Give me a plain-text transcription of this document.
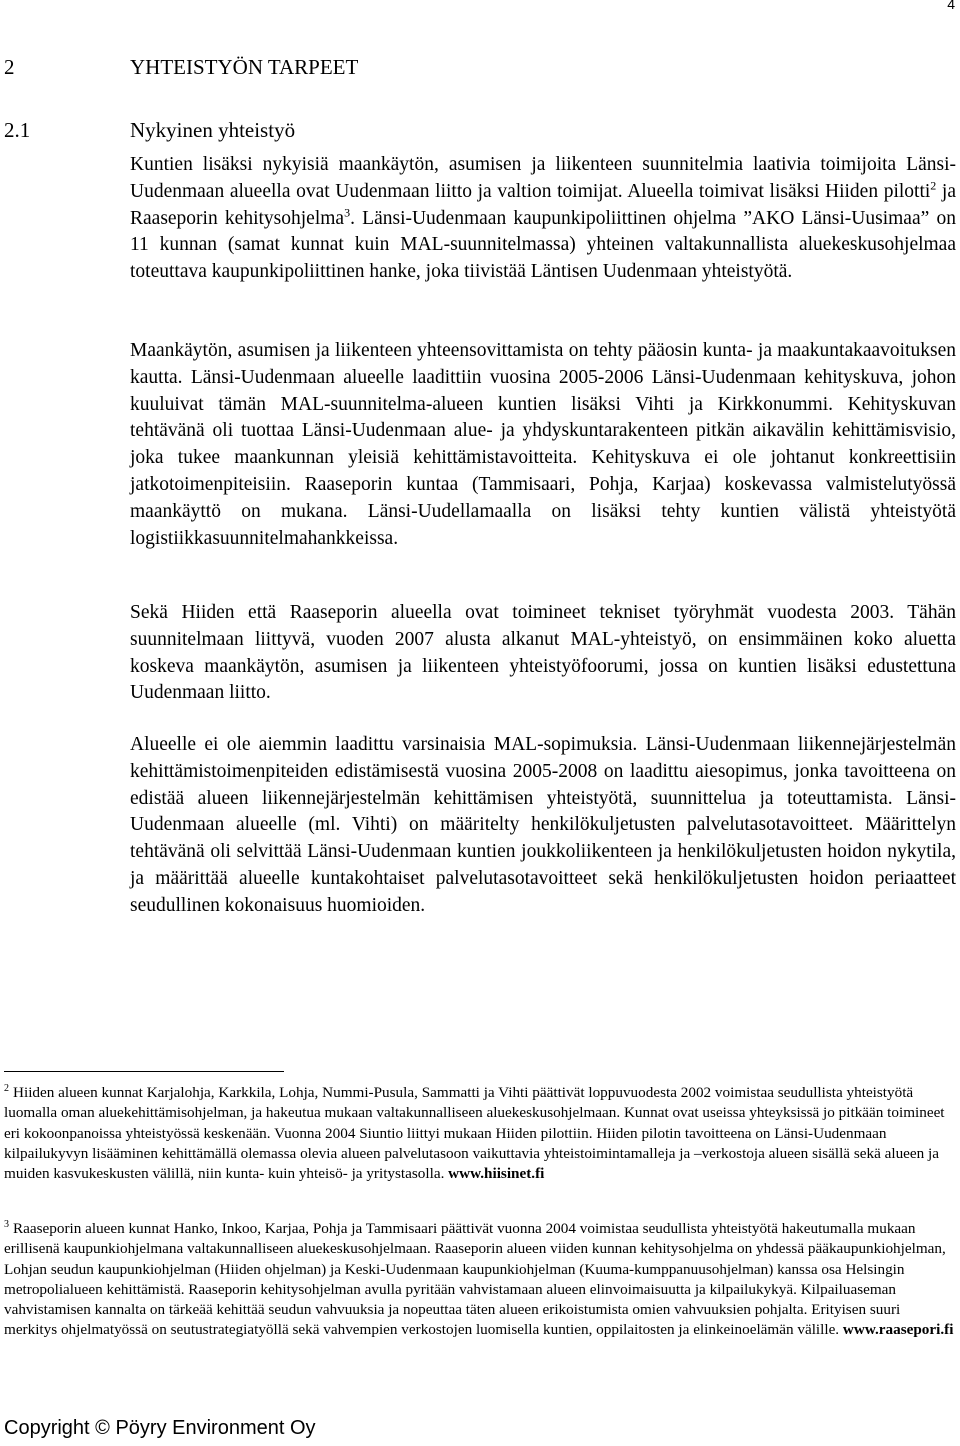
4
2	YHTEISTYÖN TARPEET
2.1	Nykyinen yhteistyö

Kuntien lisäksi nykyisiä maankäytön, asumisen ja liikenteen suunnitelmia laativia toimijoita Länsi-Uudenmaan alueella ovat Uudenmaan liitto ja valtion toimijat. Alueella toimivat lisäksi Hiiden pilotti$^2$ ja Raaseporin kehitysohjelma$^3$. Länsi-Uudenmaan kaupunkipoliittinen ohjelma ”AKO Länsi-Uusimaa” on 11 kunnan (samat kunnat kuin MAL-suunnitelmassa) yhteinen valtakunnallista aluekeskusohjelmaa toteuttava kaupunkipoliittinen hanke, joka tiivistää Läntisen Uudenmaan yhteistyötä.

Maankäytön, asumisen ja liikenteen yhteensovittamista on tehty pääosin kunta- ja maakuntakaavoituksen kautta. Länsi-Uudenmaan alueelle laadittiin vuosina 2005-2006 Länsi-Uudenmaan kehityskuva, johon kuuluivat tämän MAL-suunnitelma-alueen kuntien lisäksi Vihti ja Kirkkonummi. Kehityskuvan tehtävänä oli tuottaa Länsi-Uudenmaan alue- ja yhdyskuntarakenteen pitkän aikavälin kehittämisvisio, joka tukee maankunnan yleisiä kehittämistavoitteita. Kehityskuva ei ole johtanut konkreettisiin jatkotoimenpiteisiin. Raaseporin kuntaa (Tammisaari, Pohja, Karjaa) koskevassa valmistelutyössä maankäyttö on mukana. Länsi-Uudellamaalla on lisäksi tehty kuntien välistä yhteistyötä logistiikkasuunnitelmahankkeissa.

Sekä Hiiden että Raaseporin alueella ovat toimineet tekniset työryhmät vuodesta 2003. Tähän suunnitelmaan liittyvä, vuoden 2007 alusta alkanut MAL-yhteistyö, on ensimmäinen koko aluetta koskeva maankäytön, asumisen ja liikenteen yhteistyöfoorumi, jossa on kuntien lisäksi edustettuna Uudenmaan liitto.

Alueelle ei ole aiemmin laadittu varsinaisia MAL-sopimuksia. Länsi-Uudenmaan liikennejärjestelmän kehittämistoimenpiteiden edistämisestä vuosina 2005-2008 on laadittu aiesopimus, jonka tavoitteena on edistää alueen liikennejärjestelmän kehittämisen yhteistyötä, suunnittelua ja toteuttamista. Länsi-Uudenmaan alueelle (ml. Vihti) on määritelty henkilökuljetusten palvelutasotavoitteet. Määrittelyn tehtävänä oli selvittää Länsi-Uudenmaan kuntien joukkoliikenteen ja henkilökuljetusten hoidon nykytila, ja määrittää alueelle kuntakohtaiset palvelutasotavoitteet sekä henkilökuljetusten hoidon periaatteet seudullinen kokonaisuus huomioiden.

$^2$ Hiiden alueen kunnat Karjalohja, Karkkila, Lohja, Nummi-Pusula, Sammatti ja Vihti päättivät loppuvuodesta 2002 voimistaa seudullista yhteistyötä luomalla oman aluekehittämisohjelman, ja hakeutua mukaan valtakunnalliseen aluekeskusohjelmaan. Kunnat ovat useissa yhteyksissä jo pitkään toimineet eri kokoonpanoissa yhteistyössä keskenään. Vuonna 2004 Siuntio liittyi mukaan Hiiden pilottiin. Hiiden pilotin tavoitteena on Länsi-Uudenmaan kilpailukyvyn lisääminen kehittämällä olemassa olevia alueen palvelutasoon vaikuttavia yhteistoimintamalleja ja –verkostoja alueen sisällä sekä alueen ja muiden kasvukeskusten välillä, niin kunta- kuin yhteisö- ja yritystasolla. www.hiisinet.fi

$^3$ Raaseporin alueen kunnat Hanko, Inkoo, Karjaa, Pohja ja Tammisaari päättivät vuonna 2004 voimistaa seudullista yhteistyötä hakeutumalla mukaan erillisenä kaupunkiohjelmana valtakunnalliseen aluekeskusohjelmaan. Raaseporin alueen viiden kunnan kehitysohjelma on yhdessä pääkaupunkiohjelman, Lohjan seudun kaupunkiohjelman (Hiiden ohjelman) ja Keski-Uudenmaan kaupunkiohjelman (Kuuma-kumppanuusohjelman) kanssa osa Helsingin metropolialueen kehittämistä. Raaseporin kehitysohjelman avulla pyritään vahvistamaan alueen elinvoimaisuutta ja kilpailukykyä. Kilpailuaseman vahvistamisen kannalta on tärkeää kehittää seudun vahvuuksia ja nopeuttaa täten alueen erikoistumista omien vahvuuksien pohjalta. Erityisen suuri merkitys ohjelmatyössä on seutustrategiatyöllä sekä vahvempien verkostojen luomisella kuntien, oppilaitosten ja elinkeinoelämän välille. www.raasepori.fi

Copyright © Pöyry Environment Oy
